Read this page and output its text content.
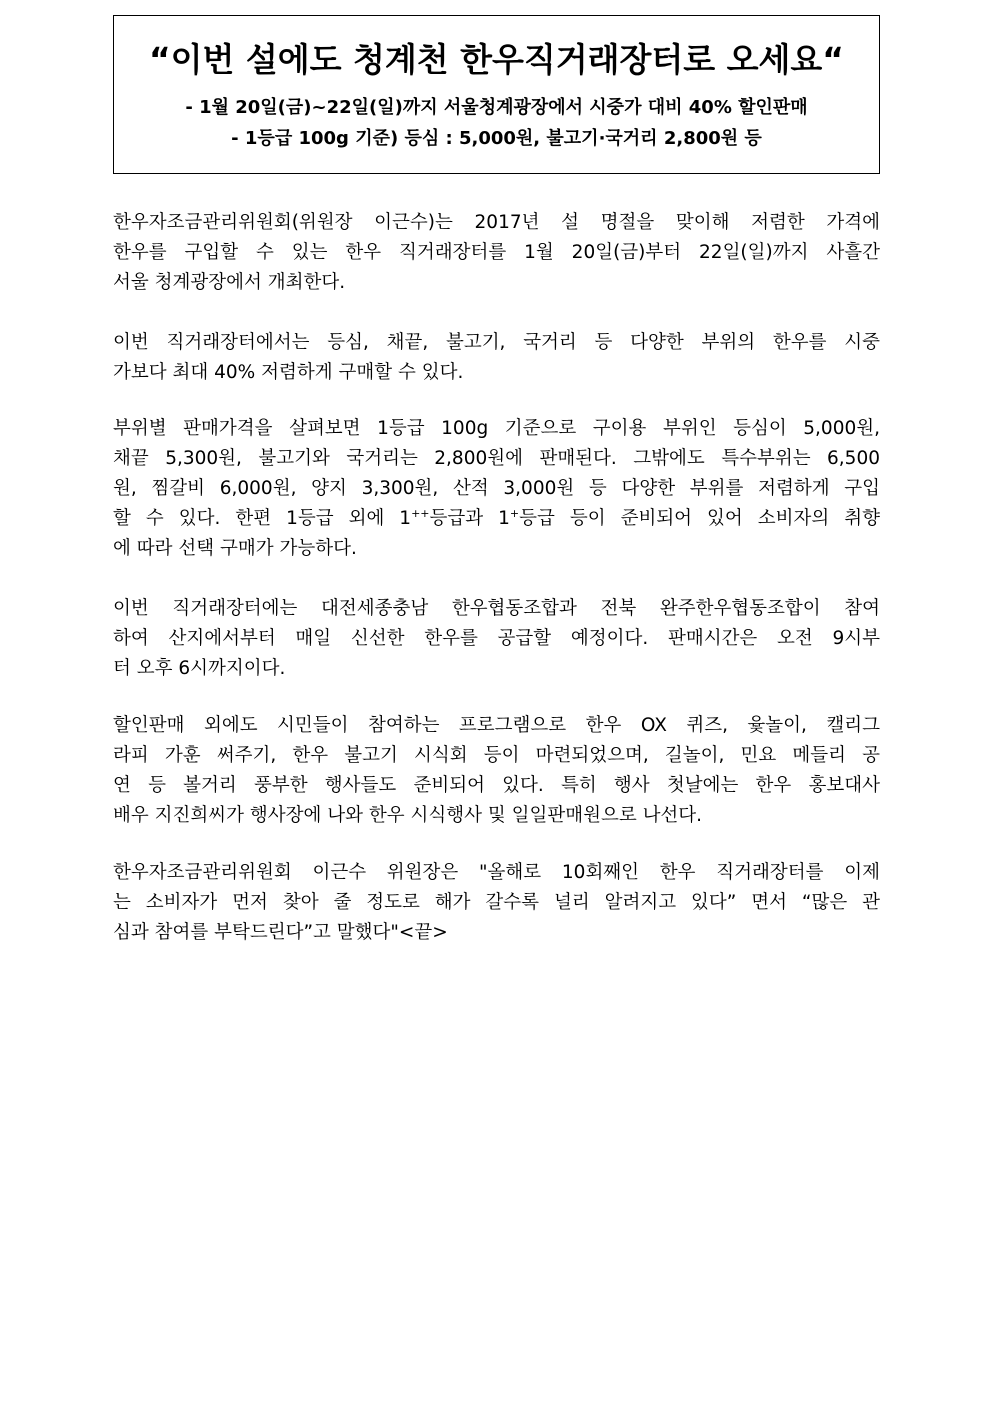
“이번 설에도 청계천 한우직거래장터로 오세요“
- 1월 20일(금)~22일(일)까지 서울청계광장에서 시중가 대비 40% 할인판매
- 1등급 100g 기준) 등심 : 5,000원, 불고기·국거리 2,800원 등
한우자조금관리위원회(위원장 이근수)는 2017년 설 명절을 맞이해 저렴한 가격에
한우를 구입할 수 있는 한우 직거래장터를 1월 20일(금)부터 22일(일)까지 사흘간
서울 청계광장에서 개최한다.
이번 직거래장터에서는 등심, 채끝, 불고기, 국거리 등 다양한 부위의 한우를 시중
가보다 최대 40% 저렴하게 구매할 수 있다.
부위별 판매가격을 살펴보면 1등급 100g 기준으로 구이용 부위인 등심이 5,000원,
채끝 5,300원, 불고기와 국거리는 2,800원에 판매된다. 그밖에도 특수부위는 6,500
원, 찜갈비 6,000원, 양지 3,300원, 산적 3,000원 등 다양한 부위를 저렴하게 구입
할 수 있다. 한편 1등급 외에 1++등급과 1+등급 등이 준비되어 있어 소비자의 취향
에 따라 선택 구매가 가능하다.
이번 직거래장터에는 대전세종충남 한우협동조합과 전북 완주한우협동조합이 참여
하여 산지에서부터 매일 신선한 한우를 공급할 예정이다. 판매시간은 오전 9시부
터 오후 6시까지이다.
할인판매 외에도 시민들이 참여하는 프로그램으로 한우 OX 퀴즈, 윷놀이, 캘리그
라피 가훈 써주기, 한우 불고기 시식회 등이 마련되었으며, 길놀이, 민요 메들리 공
연 등 볼거리 풍부한 행사들도 준비되어 있다. 특히 행사 첫날에는 한우 홍보대사
배우 지진희씨가 행사장에 나와 한우 시식행사 및 일일판매원으로 나선다.
한우자조금관리위원회 이근수 위원장은 "올해로 10회째인 한우 직거래장터를 이제
는 소비자가 먼저 찾아 줄 정도로 해가 갈수록 널리 알려지고 있다” 면서 “많은 관
심과 참여를 부탁드린다”고 말했다"<끝>
